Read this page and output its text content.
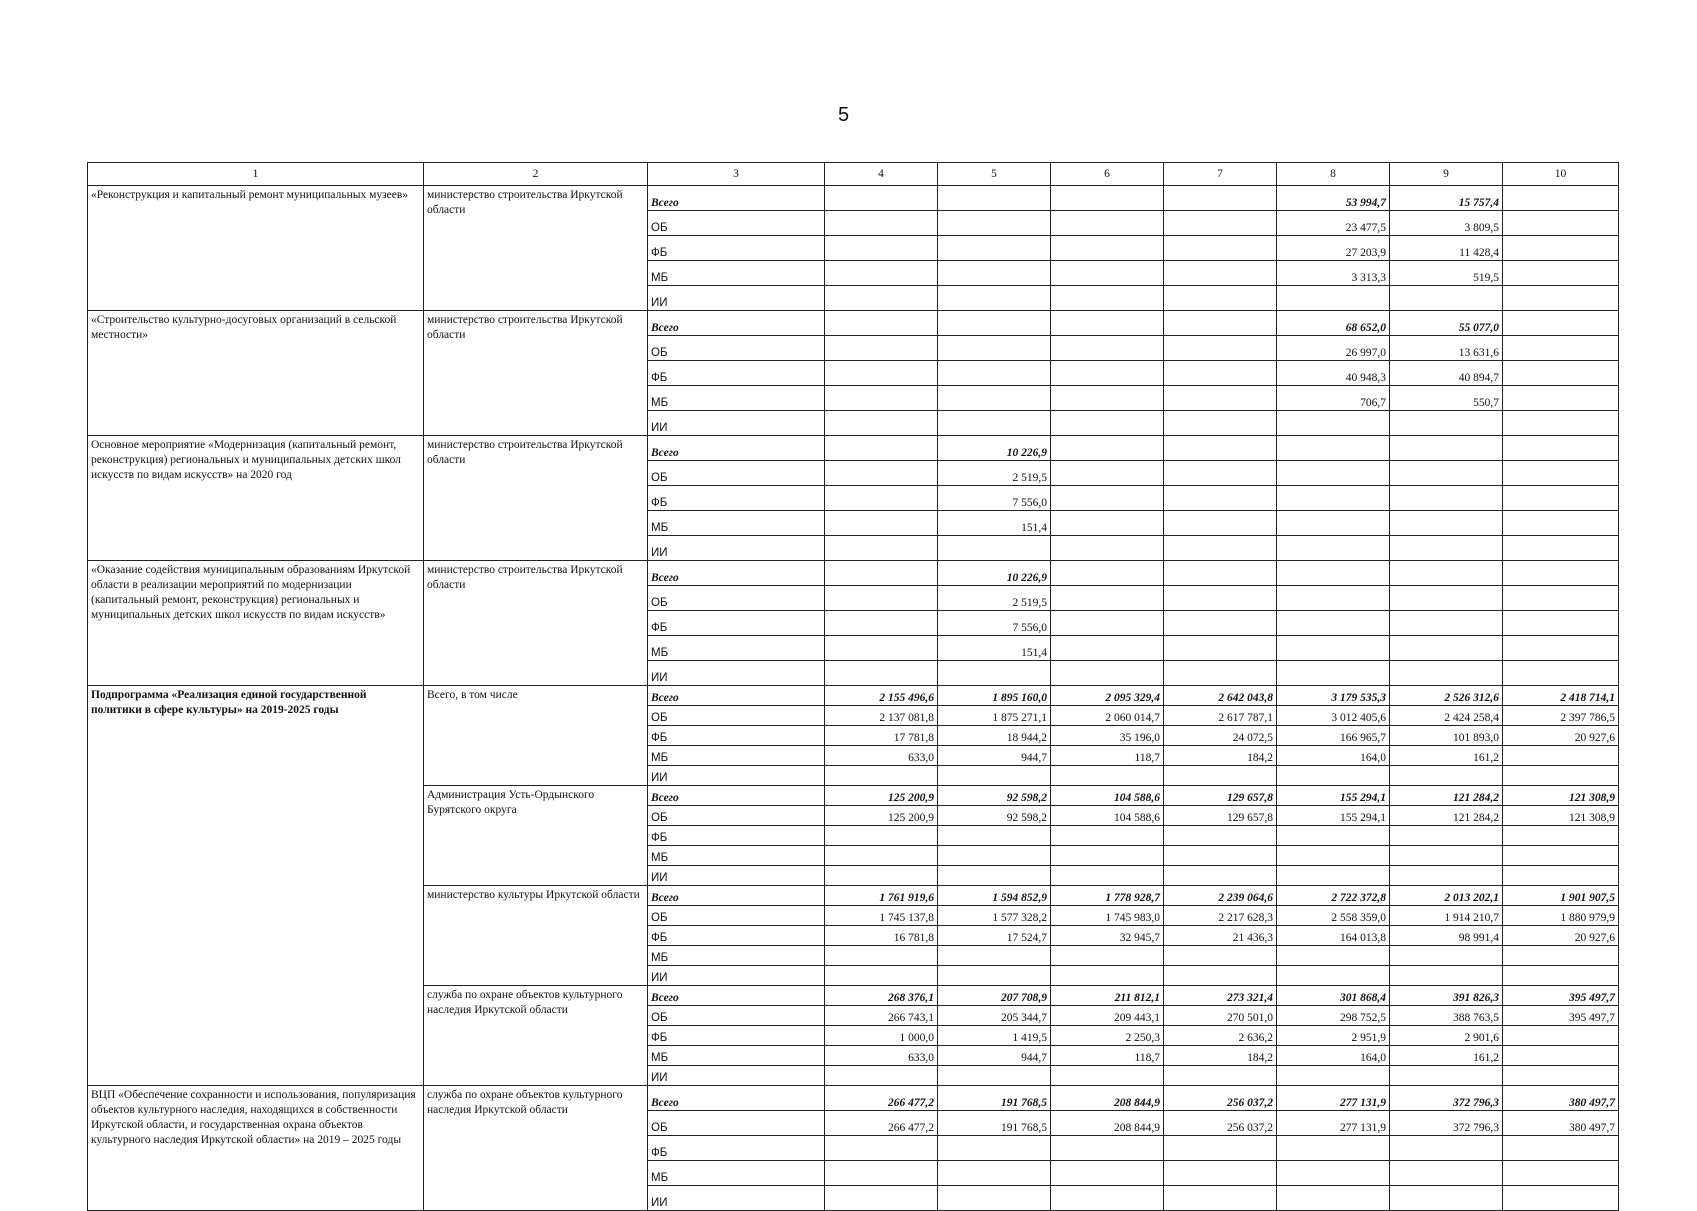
5
1	2	3	4	5	6	7	8	9	10
«Реконструкция и капитальный ремонт муниципальных музеев»	министерство строительства Иркутской области	Всего					53 994,7	15 757,4	
		ОБ					23 477,5	3 809,5	
		ФБ					27 203,9	11 428,4	
		МБ					3 313,3	519,5	
		ИИ							
«Строительство культурно-досуговых организаций в сельской местности»	министерство строительства Иркутской области	Всего					68 652,0	55 077,0	
		ОБ					26 997,0	13 631,6	
		ФБ					40 948,3	40 894,7	
		МБ					706,7	550,7	
		ИИ							
Основное мероприятие «Модернизация (капитальный ремонт, реконструкция) региональных и муниципальных детских школ искусств по видам искусств» на 2020 год	министерство строительства Иркутской области	Всего		10 226,9					
		ОБ		2 519,5					
		ФБ		7 556,0					
		МБ		151,4					
		ИИ							
«Оказание содействия муниципальным образованиям Иркутской области в реализации мероприятий по модернизации (капитальный ремонт, реконструкция) региональных и муниципальных детских школ искусств по видам искусств»	министерство строительства Иркутской области	Всего		10 226,9					
		ОБ		2 519,5					
		ФБ		7 556,0					
		МБ		151,4					
		ИИ							
Подпрограмма «Реализация единой государственной политики в сфере культуры» на 2019-2025 годы	Всего, в том числе	Всего	2 155 496,6	1 895 160,0	2 095 329,4	2 642 043,8	3 179 535,3	2 526 312,6	2 418 714,1
		ОБ	2 137 081,8	1 875 271,1	2 060 014,7	2 617 787,1	3 012 405,6	2 424 258,4	2 397 786,5
		ФБ	17 781,8	18 944,2	35 196,0	24 072,5	166 965,7	101 893,0	20 927,6
		МБ	633,0	944,7	118,7	184,2	164,0	161,2	
		ИИ							
	Администрация Усть-Ордынского Бурятского округа	Всего	125 200,9	92 598,2	104 588,6	129 657,8	155 294,1	121 284,2	121 308,9
		ОБ	125 200,9	92 598,2	104 588,6	129 657,8	155 294,1	121 284,2	121 308,9
		ФБ							
		МБ							
		ИИ							
	министерство культуры Иркутской области	Всего	1 761 919,6	1 594 852,9	1 778 928,7	2 239 064,6	2 722 372,8	2 013 202,1	1 901 907,5
		ОБ	1 745 137,8	1 577 328,2	1 745 983,0	2 217 628,3	2 558 359,0	1 914 210,7	1 880 979,9
		ФБ	16 781,8	17 524,7	32 945,7	21 436,3	164 013,8	98 991,4	20 927,6
		МБ							
		ИИ							
	служба по охране объектов культурного наследия Иркутской области	Всего	268 376,1	207 708,9	211 812,1	273 321,4	301 868,4	391 826,3	395 497,7
		ОБ	266 743,1	205 344,7	209 443,1	270 501,0	298 752,5	388 763,5	395 497,7
		ФБ	1 000,0	1 419,5	2 250,3	2 636,2	2 951,9	2 901,6	
		МБ	633,0	944,7	118,7	184,2	164,0	161,2	
		ИИ							
ВЦП «Обеспечение сохранности и использования, популяризация объектов культурного наследия, находящихся в собственности Иркутской области, и государственная охрана объектов культурного наследия Иркутской области» на 2019 – 2025 годы	служба по охране объектов культурного наследия Иркутской области	Всего	266 477,2	191 768,5	208 844,9	256 037,2	277 131,9	372 796,3	380 497,7
		ОБ	266 477,2	191 768,5	208 844,9	256 037,2	277 131,9	372 796,3	380 497,7
		ФБ							
		МБ							
		ИИ							
